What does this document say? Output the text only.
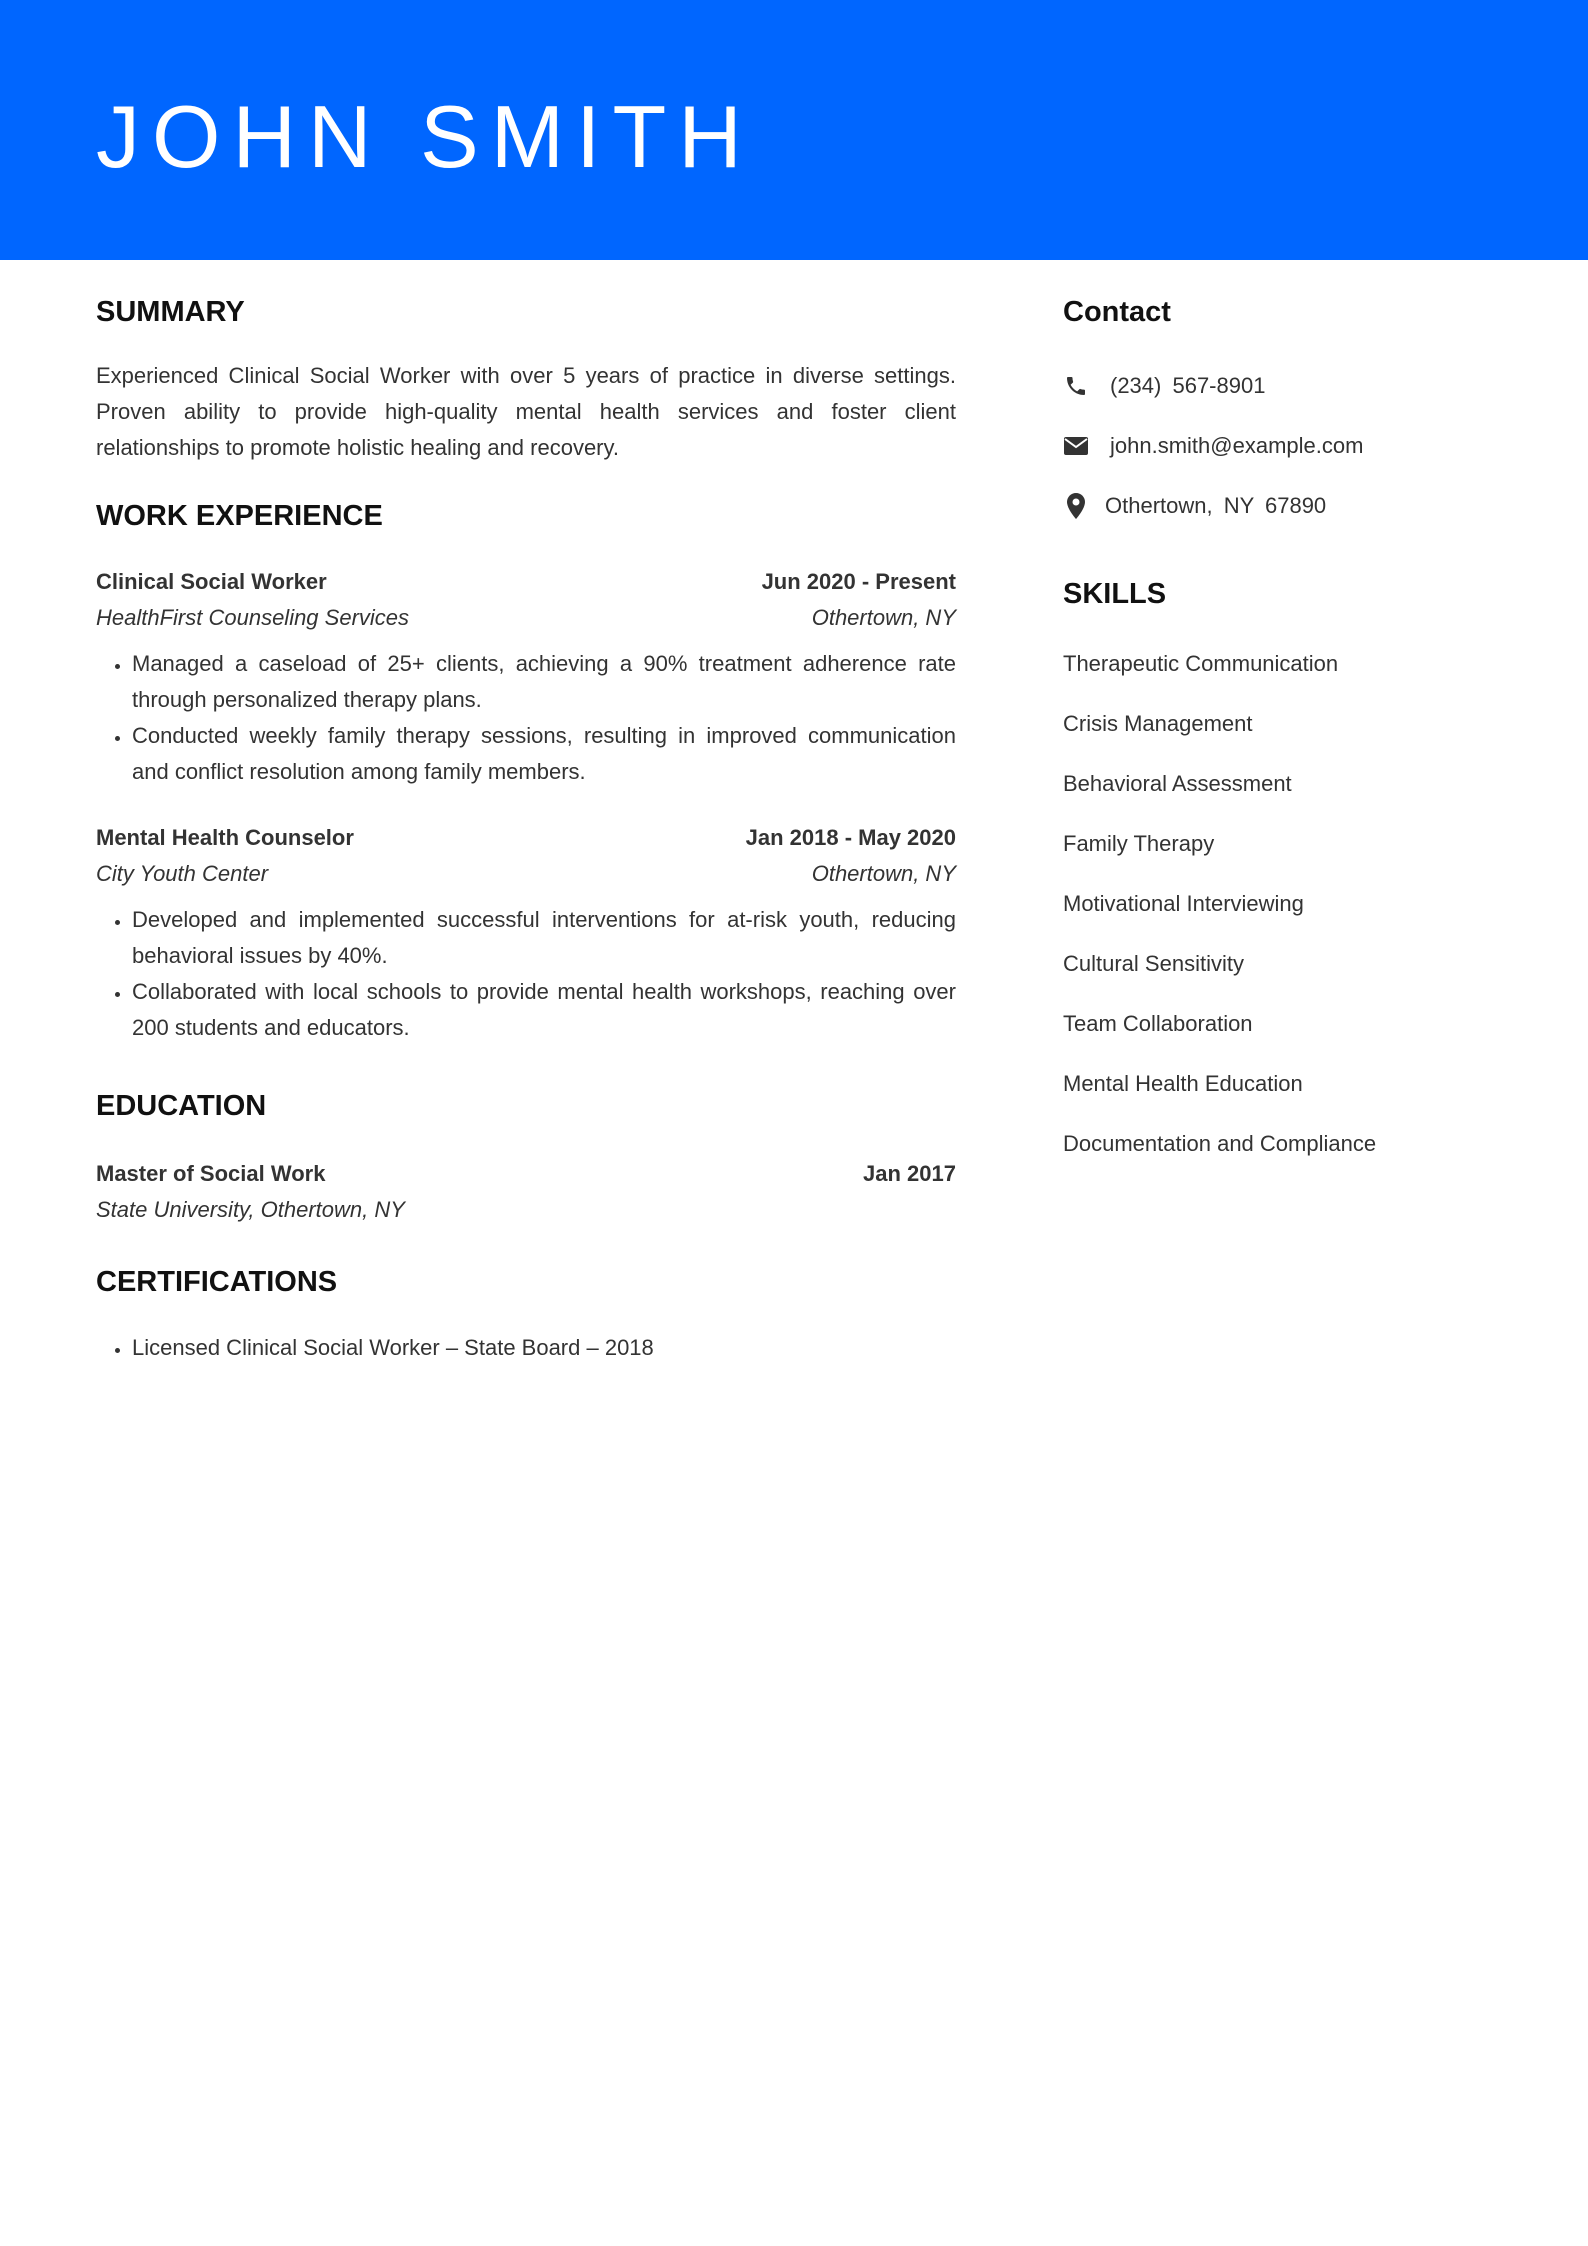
JOHN SMITH
SUMMARY

Experienced Clinical Social Worker with over 5 years of practice in diverse settings. Proven ability to provide high-quality mental health services and foster client relationships to promote holistic healing and recovery.

WORK EXPERIENCE
Clinical Social Worker	Jun 2020 - Present
HealthFirst Counseling Services	Othertown, NY
• Managed a caseload of 25+ clients, achieving a 90% treatment adherence rate through personalized therapy plans.
• Conducted weekly family therapy sessions, resulting in improved communication and conflict resolution among family members.
Mental Health Counselor	Jan 2018 - May 2020
City Youth Center	Othertown, NY
• Developed and implemented successful interventions for at-risk youth, reducing behavioral issues by 40%.
• Collaborated with local schools to provide mental health workshops, reaching over 200 students and educators.
EDUCATION
Master of Social Work	Jan 2017
State University, Othertown, NY
CERTIFICATIONS
• Licensed Clinical Social Worker – State Board – 2018
Contact
(234) 567-8901
john.smith@example.com
Othertown, NY 67890
SKILLS
Therapeutic Communication
Crisis Management
Behavioral Assessment
Family Therapy
Motivational Interviewing
Cultural Sensitivity
Team Collaboration
Mental Health Education
Documentation and Compliance
